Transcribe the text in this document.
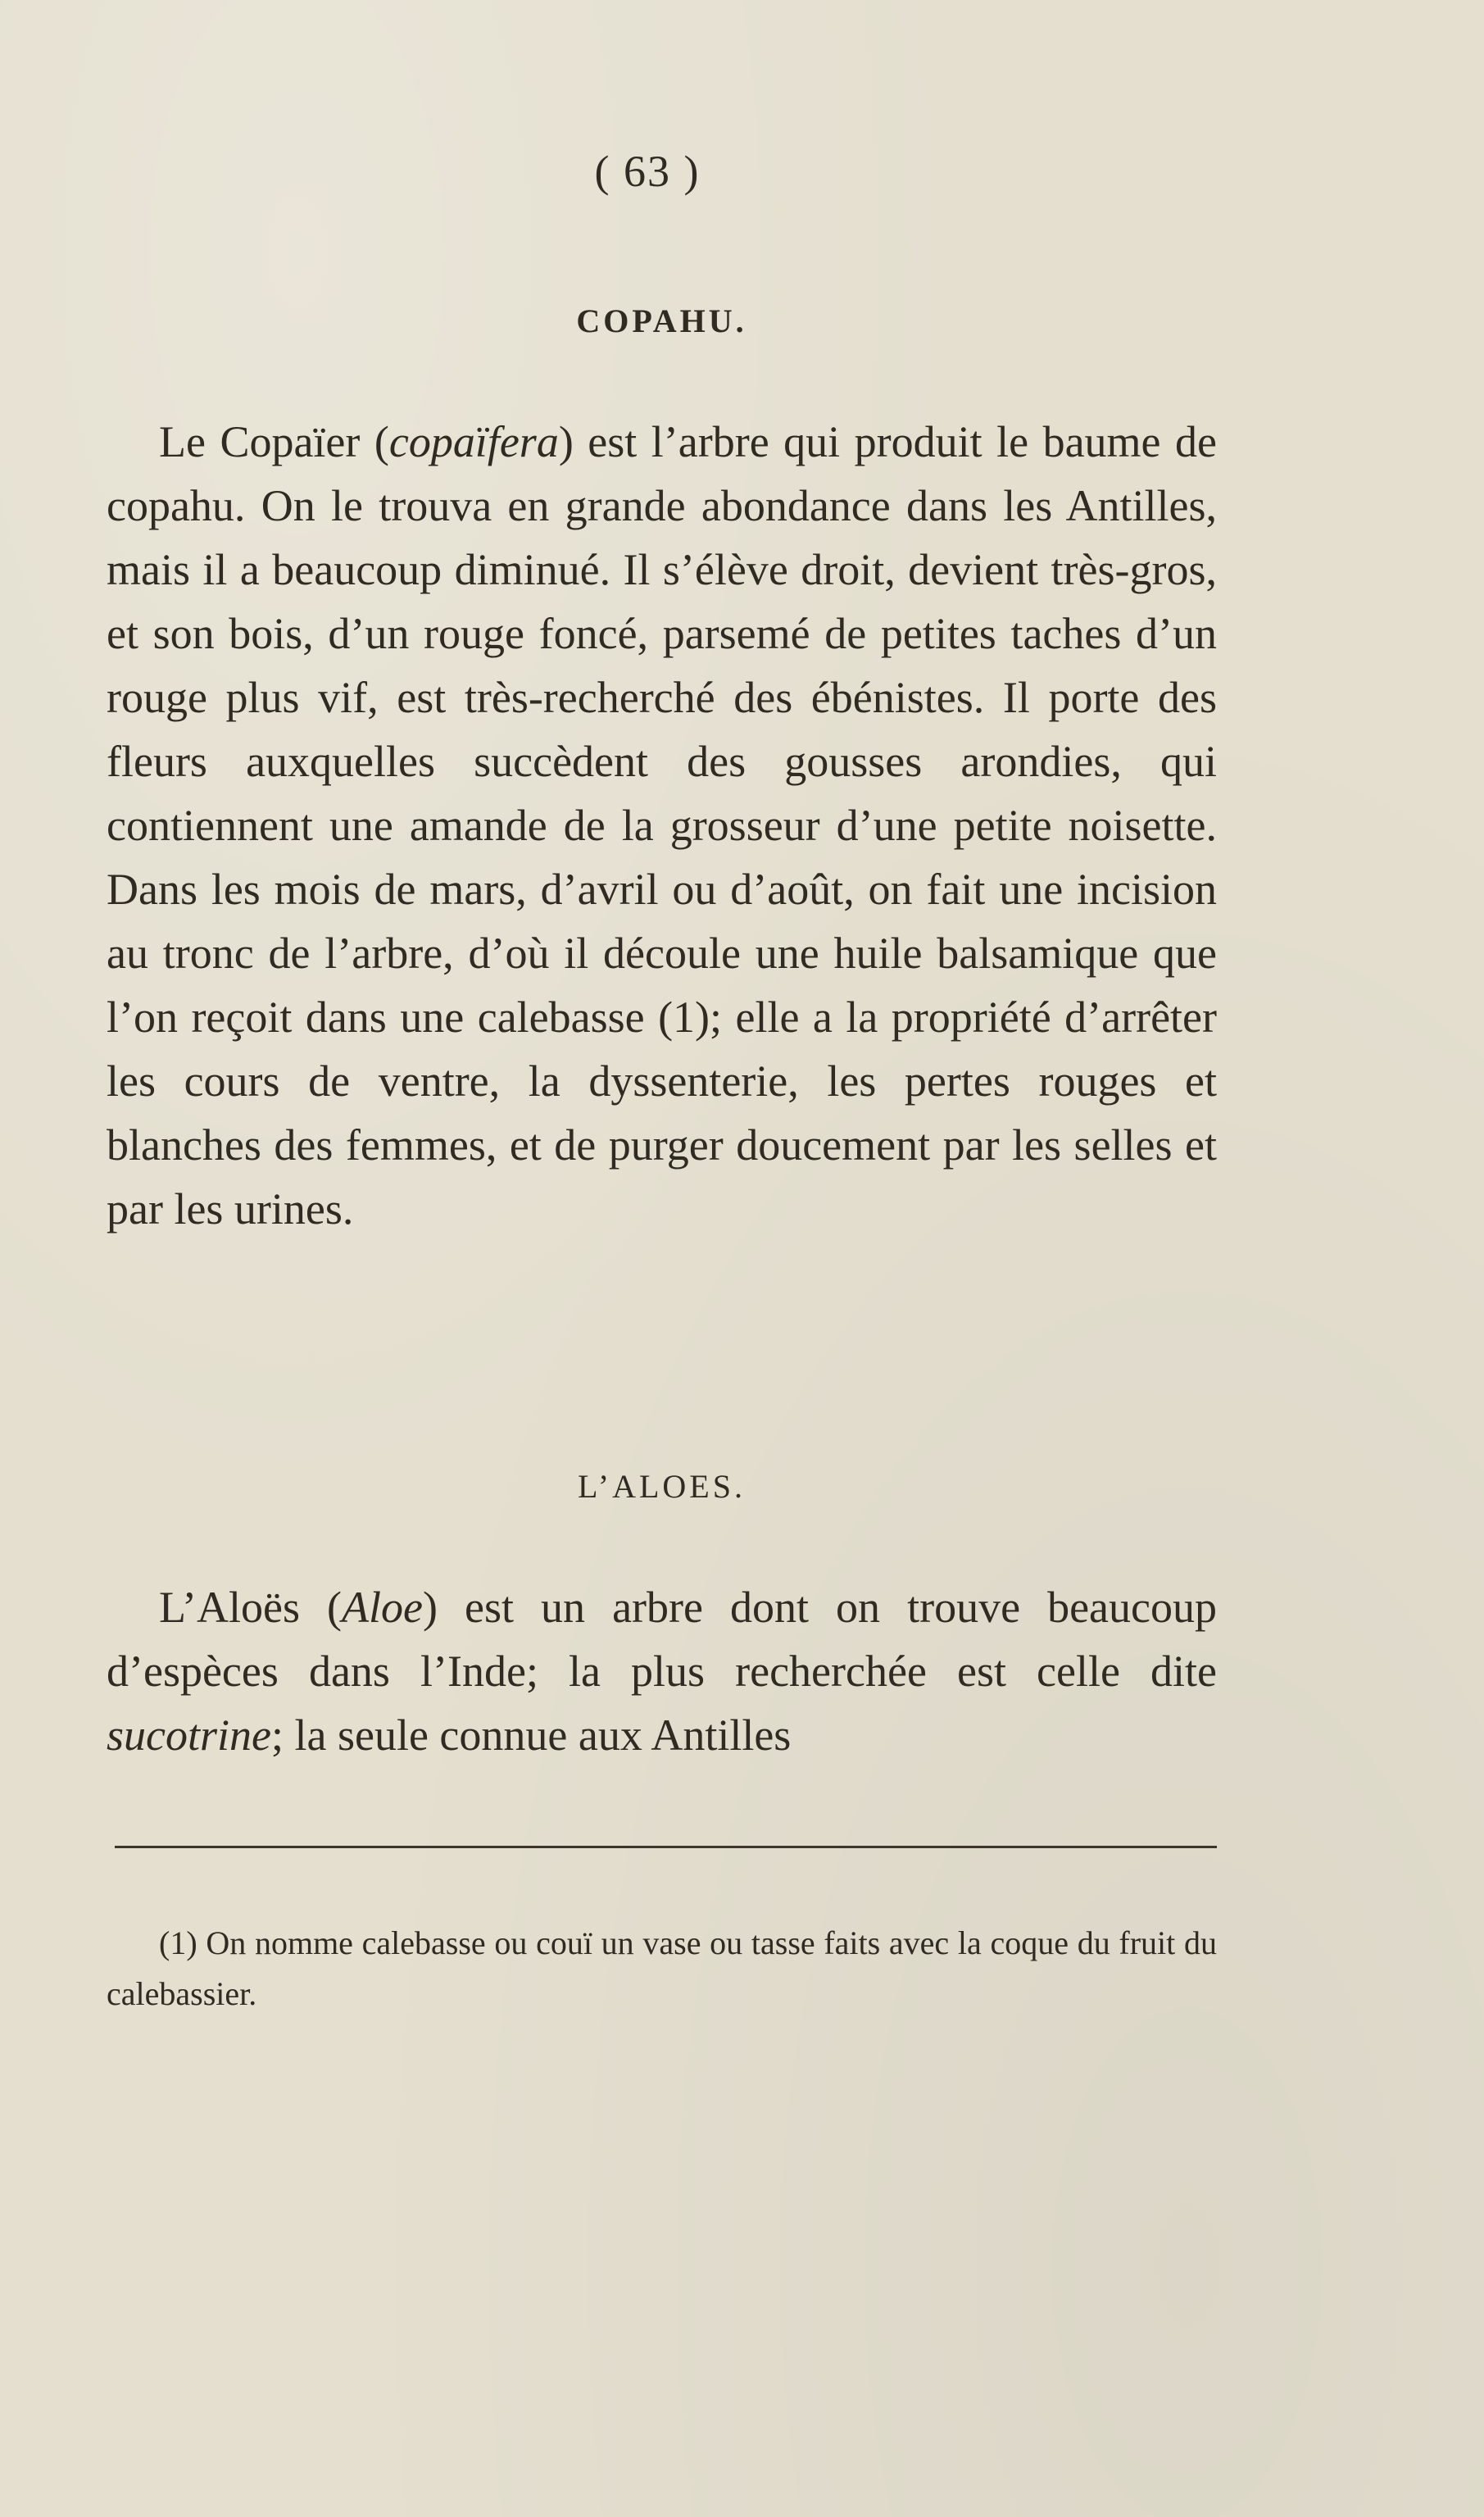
( 63 )
COPAHU.

Le Copaïer (copaïfera) est l’arbre qui produit le baume de copahu. On le trouva en grande abondance dans les Antilles, mais il a beaucoup diminué. Il s’élève droit, devient très-gros, et son bois, d’un rouge foncé, parsemé de petites taches d’un rouge plus vif, est très-recherché des ébénistes. Il porte des fleurs auxquelles succèdent des gousses arondies, qui contiennent une amande de la grosseur d’une petite noisette. Dans les mois de mars, d’avril ou d’août, on fait une incision au tronc de l’arbre, d’où il découle une huile balsamique que l’on reçoit dans une calebasse (1); elle a la propriété d’arrêter les cours de ventre, la dyssenterie, les pertes rouges et blanches des femmes, et de purger doucement par les selles et par les urines.

L’ALOES.

L’Aloës (Aloe) est un arbre dont on trouve beaucoup d’espèces dans l’Inde; la plus recherchée est celle dite sucotrine; la seule connue aux Antilles

(1) On nomme calebasse ou couï un vase ou tasse faits avec la coque du fruit du calebassier.
